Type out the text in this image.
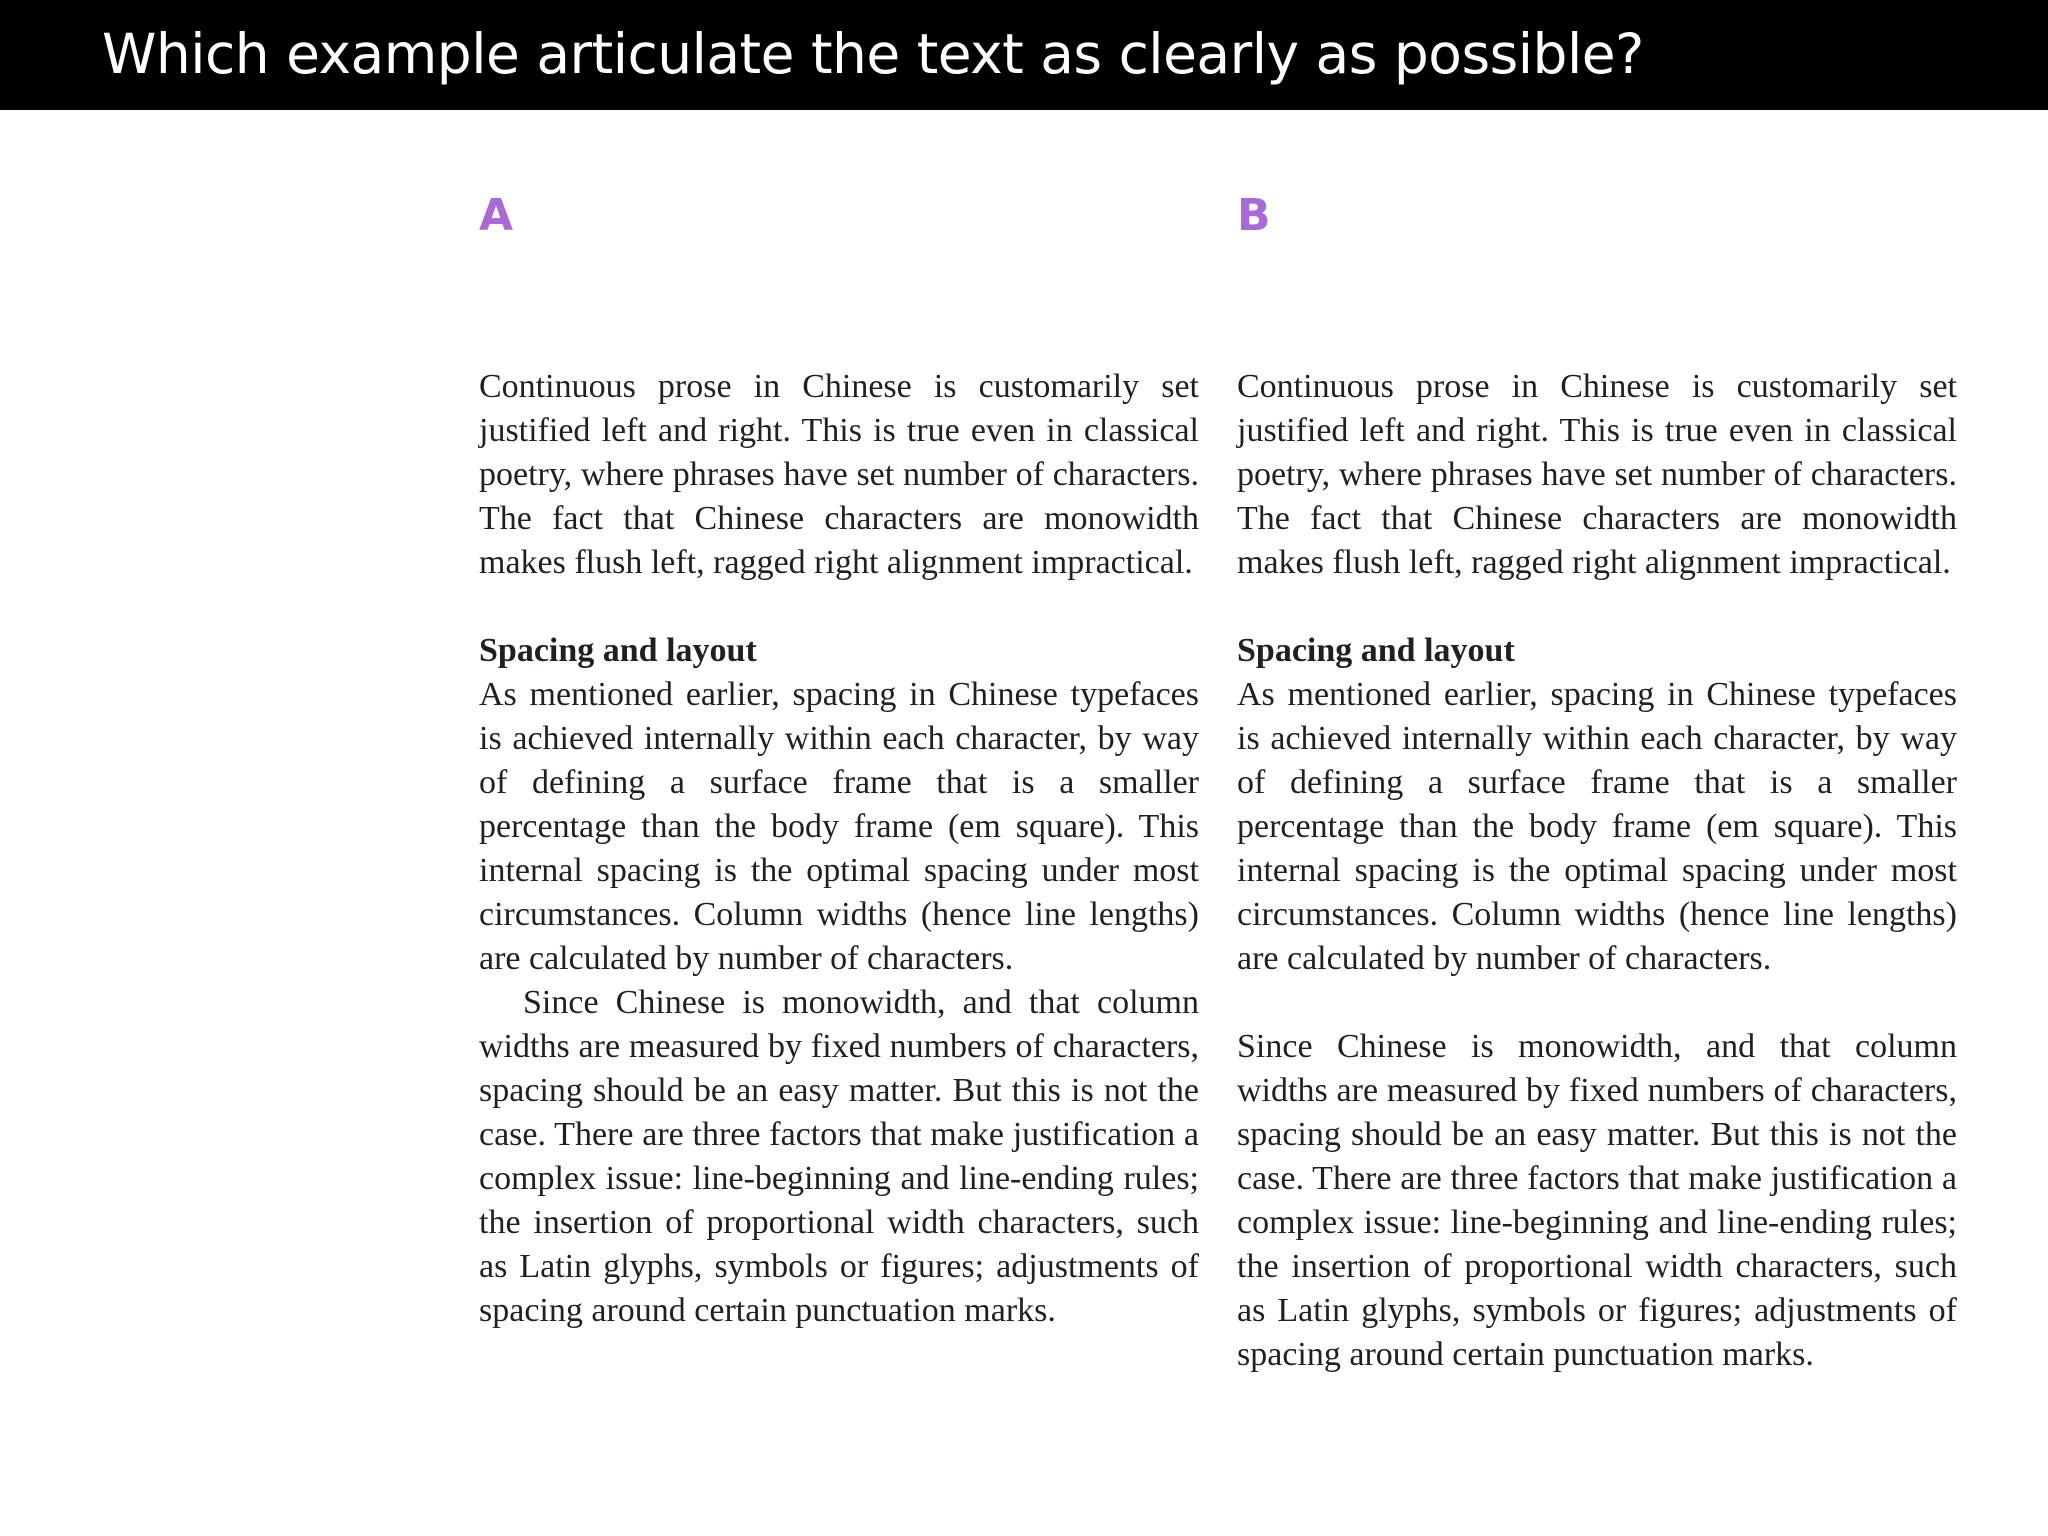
Which example articulate the text as clearly as possible?
A

Continuous prose in Chinese is customarily set justified left and right. This is true even in classical poetry, where phrases have set number of characters. The fact that Chinese characters are monowidth makes flush left, ragged right alignment impractical.

Spacing and layout

As mentioned earlier, spacing in Chinese typefaces is achieved internally within each character, by way of defining a surface frame that is a smaller percentage than the body frame (em square). This internal spacing is the optimal spacing under most circumstances. Column widths (hence line lengths) are calculated by number of characters.

Since Chinese is monowidth, and that column widths are measured by fixed numbers of characters, spacing should be an easy matter. But this is not the case. There are three factors that make justification a complex issue: line-beginning and line-ending rules; the insertion of proportional width characters, such as Latin glyphs, symbols or figures; adjustments of spacing around certain punctuation marks.

B

Continuous prose in Chinese is customarily set justified left and right. This is true even in classical poetry, where phrases have set number of characters. The fact that Chinese characters are monowidth makes flush left, ragged right alignment impractical.

Spacing and layout

As mentioned earlier, spacing in Chinese typefaces is achieved internally within each character, by way of defining a surface frame that is a smaller percentage than the body frame (em square). This internal spacing is the optimal spacing under most circumstances. Column widths (hence line lengths) are calculated by number of characters.

Since Chinese is monowidth, and that column widths are measured by fixed numbers of characters, spacing should be an easy matter. But this is not the case. There are three factors that make justification a complex issue: line-beginning and line-ending rules; the insertion of proportional width characters, such as Latin glyphs, symbols or figures; adjustments of spacing around certain punctuation marks.
